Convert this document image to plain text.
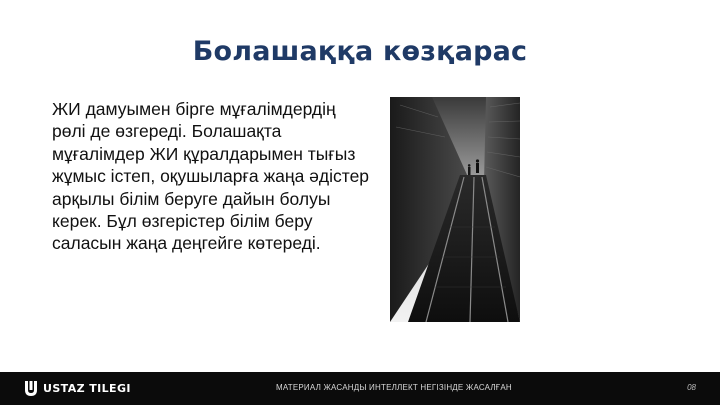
Болашаққа көзқарас
ЖИ дамуымен бірге мұғалімдердің рөлі де өзгереді. Болашақта мұғалімдер ЖИ құралдарымен тығыз жұмыс істеп, оқушыларға жаңа әдістер арқылы білім беруге дайын болуы керек. Бұл өзгерістер білім беру саласын жаңа деңгейге көтереді.
USTAZ TILEGI	МАТЕРИАЛ ЖАСАНДЫ ИНТЕЛЛЕКТ НЕГІЗІНДЕ ЖАСАЛҒАН	08
